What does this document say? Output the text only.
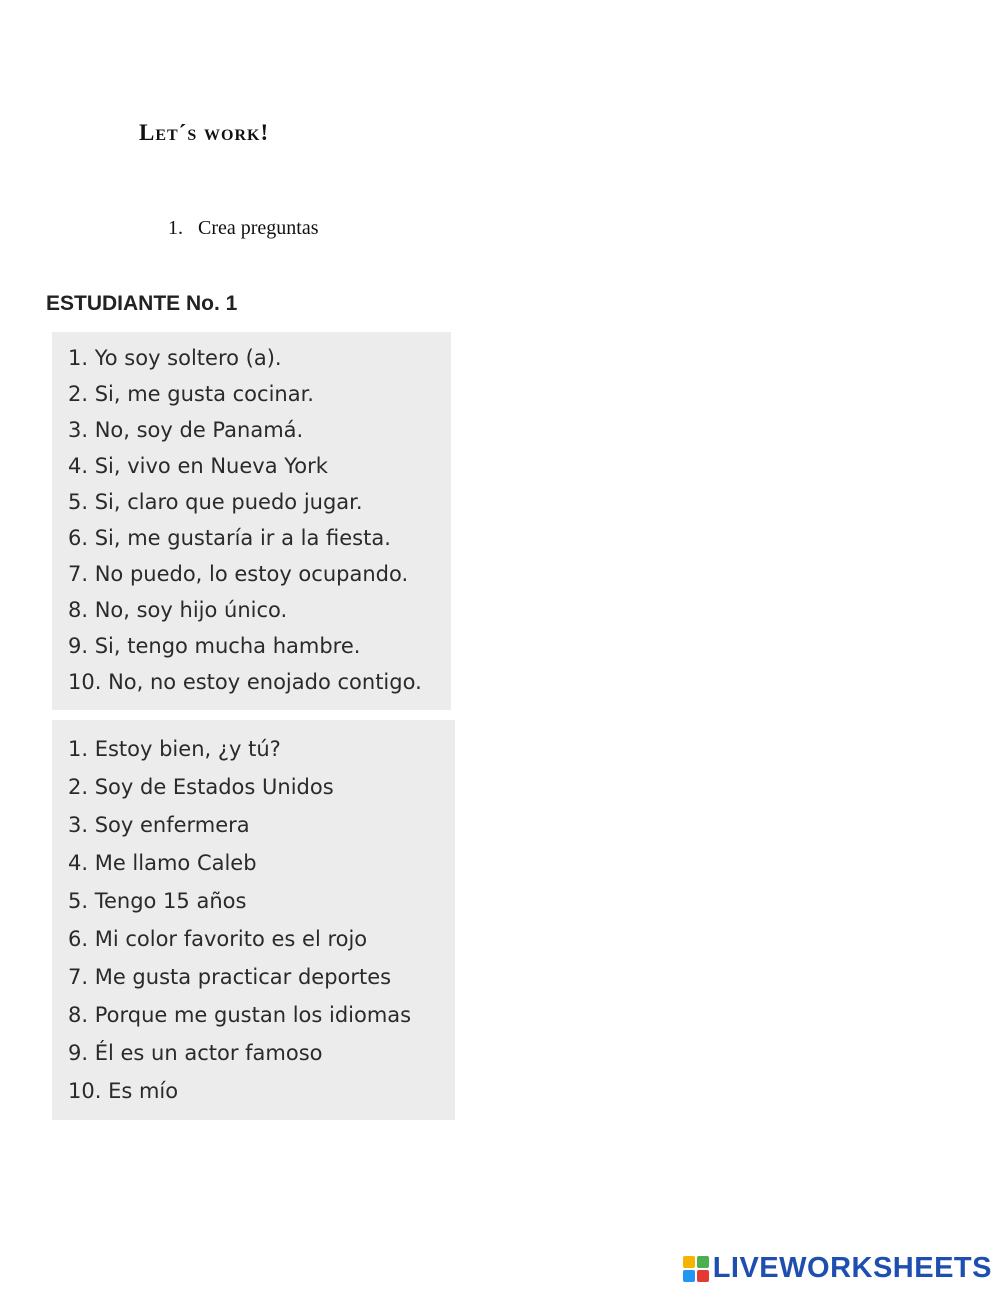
Let´s work!
1. Crea preguntas
ESTUDIANTE No. 1
1. Yo soy soltero (a).
2. Si, me gusta cocinar.
3. No, soy de Panamá.
4. Si, vivo en Nueva York
5. Si, claro que puedo jugar.
6. Si, me gustaría ir a la fiesta.
7. No puedo, lo estoy ocupando.
8. No, soy hijo único.
9. Si, tengo mucha hambre.
10. No, no estoy enojado contigo.
1. Estoy bien, ¿y tú?
2. Soy de Estados Unidos
3. Soy enfermera
4. Me llamo Caleb
5. Tengo 15 años
6. Mi color favorito es el rojo
7. Me gusta practicar deportes
8. Porque me gustan los idiomas
9. Él es un actor famoso
10. Es mío
LIVEWORKSHEETS
